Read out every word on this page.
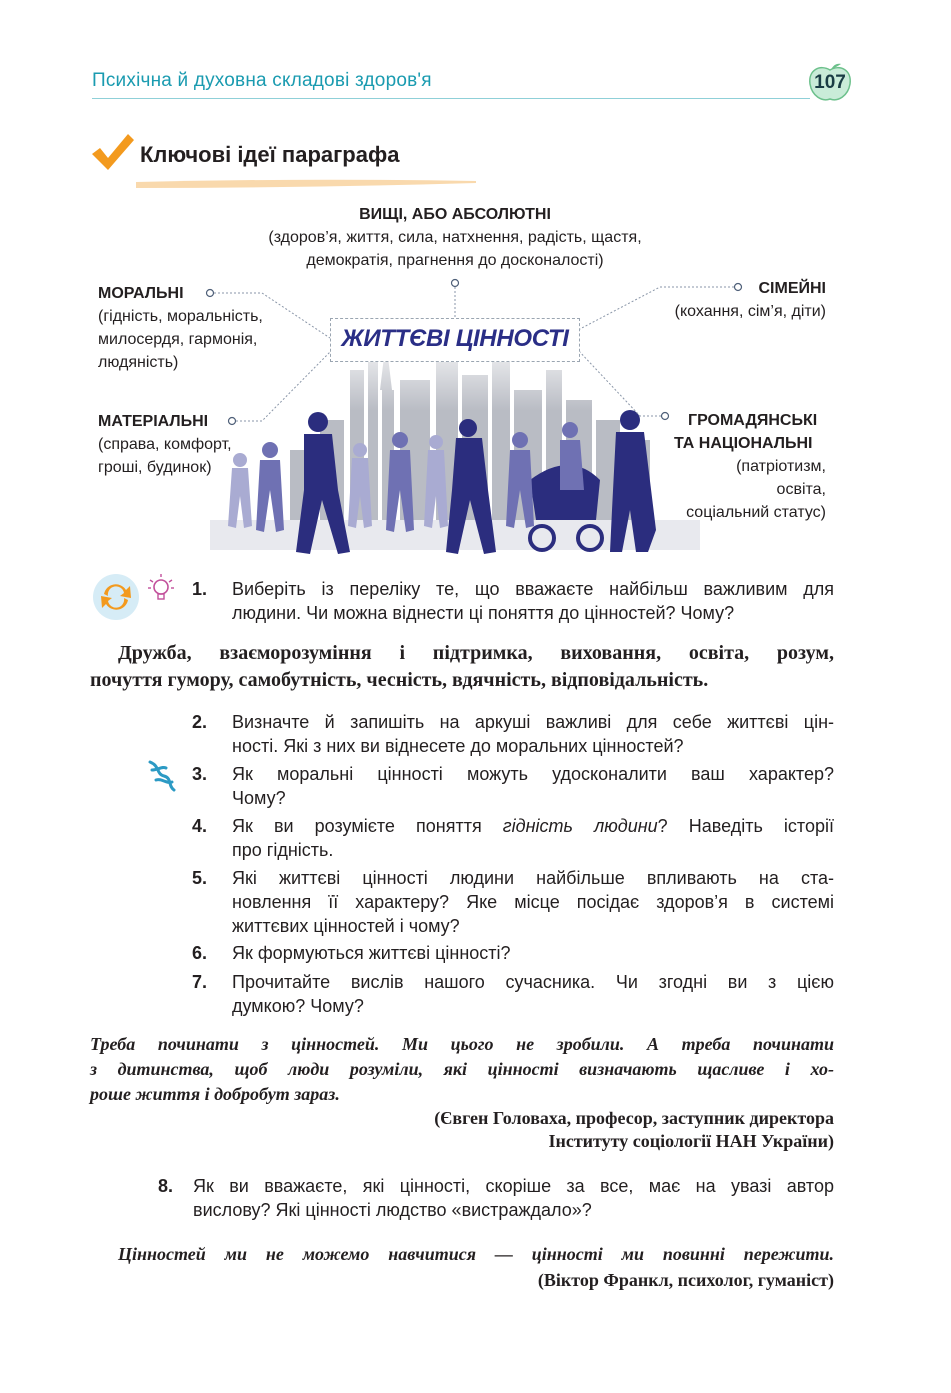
Психічна й духовна складові здоров'я	107
Ключові ідеї параграфа
ЖИТТЄВІ ЦІННОСТІ
ВИЩІ, АБО АБСОЛЮТНІ
(здоров’я, життя, сила, натхнення, радість, щастя,
демократія, прагнення до досконалості)
МОРАЛЬНІ
(гідність, моральність,
милосердя, гармонія,
людяність)
МАТЕРІАЛЬНІ
(справа, комфорт,
гроші, будинок)
СІМЕЙНІ
(кохання, сім’я, діти)
ГРОМАДЯНСЬКІ
ТА НАЦІОНАЛЬНІ
(патріотизм,
освіта,
соціальний статус)
1. Виберіть із переліку те, що вважаєте найбільш важливим для
людини. Чи можна віднести ці поняття до цінностей? Чому?
Дружба, взаєморозуміння і підтримка, виховання, освіта, розум,
почуття гумору, самобутність, чесність, вдячність, відповідальність.
2. Визначте й запишіть на аркуші важливі для себе життєві цін-
ності. Які з них ви віднесете до моральних цінностей?
3. Як моральні цінності можуть удосконалити ваш характер?
Чому?
4. Як ви розумієте поняття гідність людини? Наведіть історії
про гідність.
5. Які життєві цінності людини найбільше впливають на ста-
новлення її характеру? Яке місце посідає здоров’я в системі
життєвих цінностей і чому?
6. Як формуються життєві цінності?
7. Прочитайте вислів нашого сучасника. Чи згодні ви з цією
думкою? Чому?
Треба починати з цінностей. Ми цього не зробили. А треба починати
з дитинства, щоб люди розуміли, які цінності визначають щасливе і хо-
роше життя і добробут зараз.
(Євген Головаха, професор, заступник директора
Інституту соціології НАН України)
8. Як ви вважаєте, які цінності, скоріше за все, має на увазі автор
вислову? Які цінності людство «вистраждало»?
Цінностей ми не можемо навчитися — цінності ми повинні пережити.
(Віктор Франкл, психолог, гуманіст)
